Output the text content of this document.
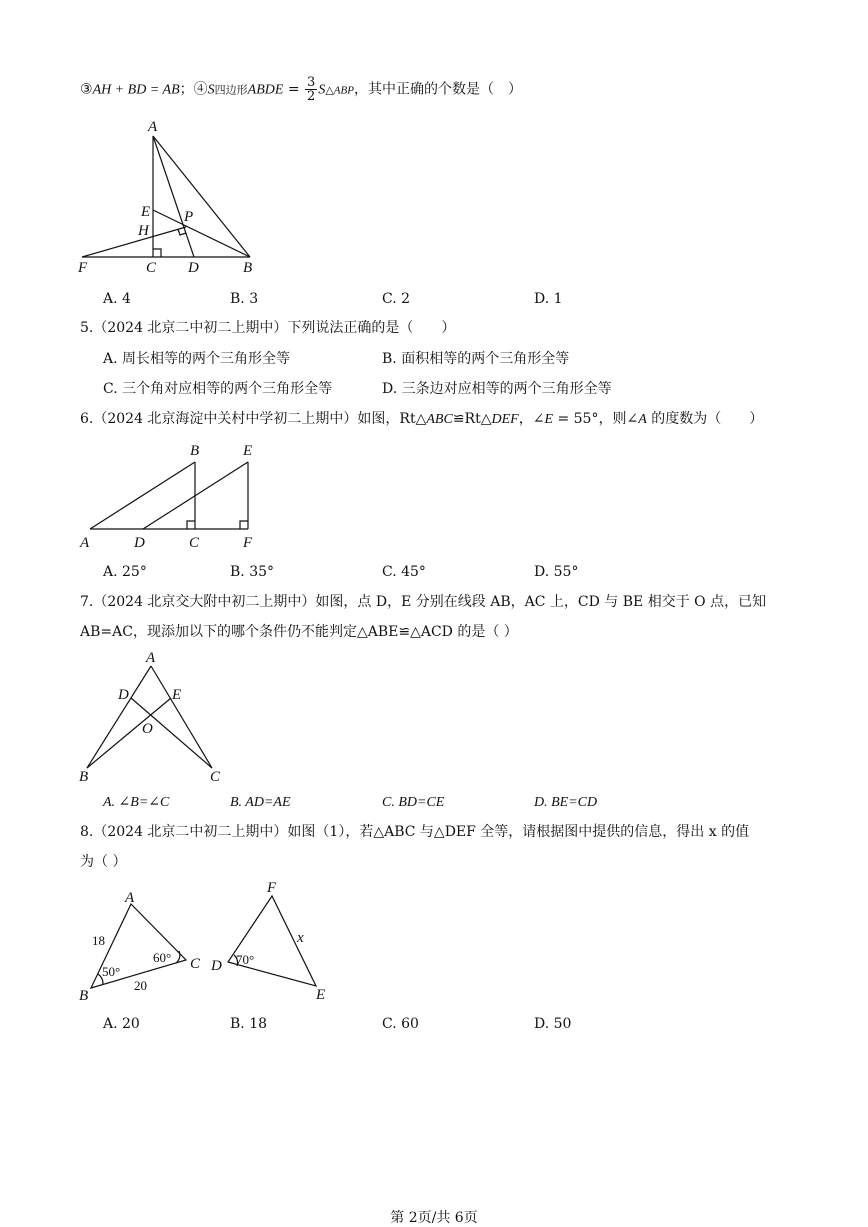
③AH + BD = AB；④S四边形ABDE = $\frac{3}{2}$ S△ABP，其中正确的个数是（　）
A
E P
H
F	C D	B
A. 4	B. 3	C. 2	D. 1
5.（2024 北京二中初二上期中）下列说法正确的是（　　）
A. 周长相等的两个三角形全等	B. 面积相等的两个三角形全等
C. 三个角对应相等的两个三角形全等	D. 三条边对应相等的两个三角形全等
6.（2024 北京海淀中关村中学初二上期中）如图，Rt△ABC≌Rt△DEF，∠E = 55°，则∠A 的度数为（　　）
B	E
A	D	C	F
A. 25°	B. 35°	C. 45°	D. 55°
7.（2024 北京交大附中初二上期中）如图，点 D，E 分别在线段 AB，AC 上，CD 与 BE 相交于 O 点，已知
AB=AC，现添加以下的哪个条件仍不能判定△ABE≌△ACD 的是（ ）
A
D	E
O
B	C
A. ∠B=∠C	B. AD=AE	C. BD=CE	D. BE=CD
8.（2024 北京二中初二上期中）如图（1），若△ABC 与△DEF 全等，请根据图中提供的信息，得出 x 的值
为（ ）
A
18
60° C
50°
B
20
F
x
D 70°
E
A. 20	B. 18	C. 60	D. 50
第 2页/共 6页
